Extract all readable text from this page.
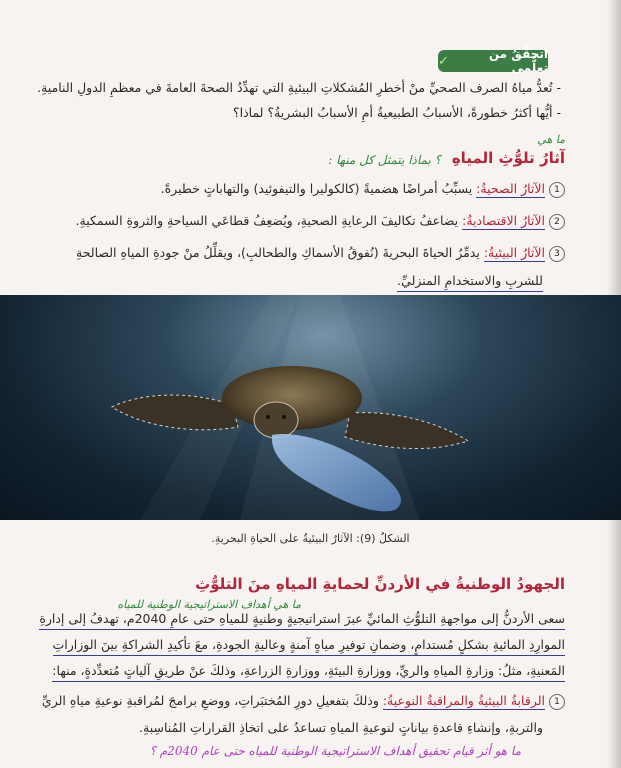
أتحقَّقُ من تعلُّمي
✓
- تُعدُّ مياهُ الصرف الصحيِّ منْ أخطرِ المُشكلاتِ البيئيةِ التي تهدِّدُ الصحةَ العامةَ في معظمِ الدولِ الناميةِ.
- أيُّها أكثرُ خطورةً، الأسبابُ الطبيعيةُ أمِ الأسبابُ البشريةُ؟ لماذا؟
ما هي
آثارُ تلوُّثِ المياهِ
؟ بماذا يتمثل كل منها :
1الآثارُ الصحيةُ: يسبِّبُ أمراضًا هضميةً (كالكوليرا والتيفوئيد) والتهاباتٍ خطيرةً.
2الآثارُ الاقتصاديةُ: يضاعفُ تكاليفَ الرعايةِ الصحيةِ، ويُضعِفُ قطاعَي السياحةِ والثروةِ السمكيةِ.
3الآثارُ البيئيةُ: يدمِّرُ الحياةَ البحريةَ (نُفوقُ الأسماكِ والطحالبِ)، ويقلِّلُ منْ جودةِ المياهِ الصالحةِ
للشربِ والاستخدامِ المنزليِّ.
الشكلُ (9): الآثارُ البيئيةُ على الحياةِ البحريةِ.
ما هي أهداف الاستراتيجية الوطنية للمياه
الجهودُ الوطنيةُ في الأردنِّ لحمايةِ المياهِ منَ التلوُّثِ
سعى الأردنُّ إلى مواجهةِ التلوُّثِ المائيِّ عبرَ استراتيجيةٍ وطنيةٍ للمياهِ حتى عامِ 2040م، تهدفُ إلى إدارةِ
الموارِدِ المائيةِ بشكلٍ مُستدامٍ، وضمانِ توفيرِ مياهٍ آمنةٍ وعاليةِ الجودةِ، معَ تأكيدِ الشراكةِ بينَ الوزاراتِ
المَعنيةِ، مثلُ: وزارةِ المياهِ والريِّ، ووزارةِ البيئةِ، ووزارةِ الزراعةِ، وذلكَ عنْ طريقِ آلياتٍ مُتعدِّدةٍ، منها:
1الرقابةُ البيئيةُ والمراقبةُ النوعيةُ: وذلكَ بتفعيلِ دورِ المُختبَراتِ، ووضعِ برامجَ لمُراقبةِ نوعيةِ مياهِ الريِّ
والتربةِ، وإنشاءِ قاعدةِ بياناتٍ لنوعيةِ المياهِ تساعدُ على اتخاذِ القراراتِ المُناسِبةِ.
ما هو أثر قيام تحقيق أهداف الاستراتيجية الوطنية للمياه حتى عام 2040م ؟
